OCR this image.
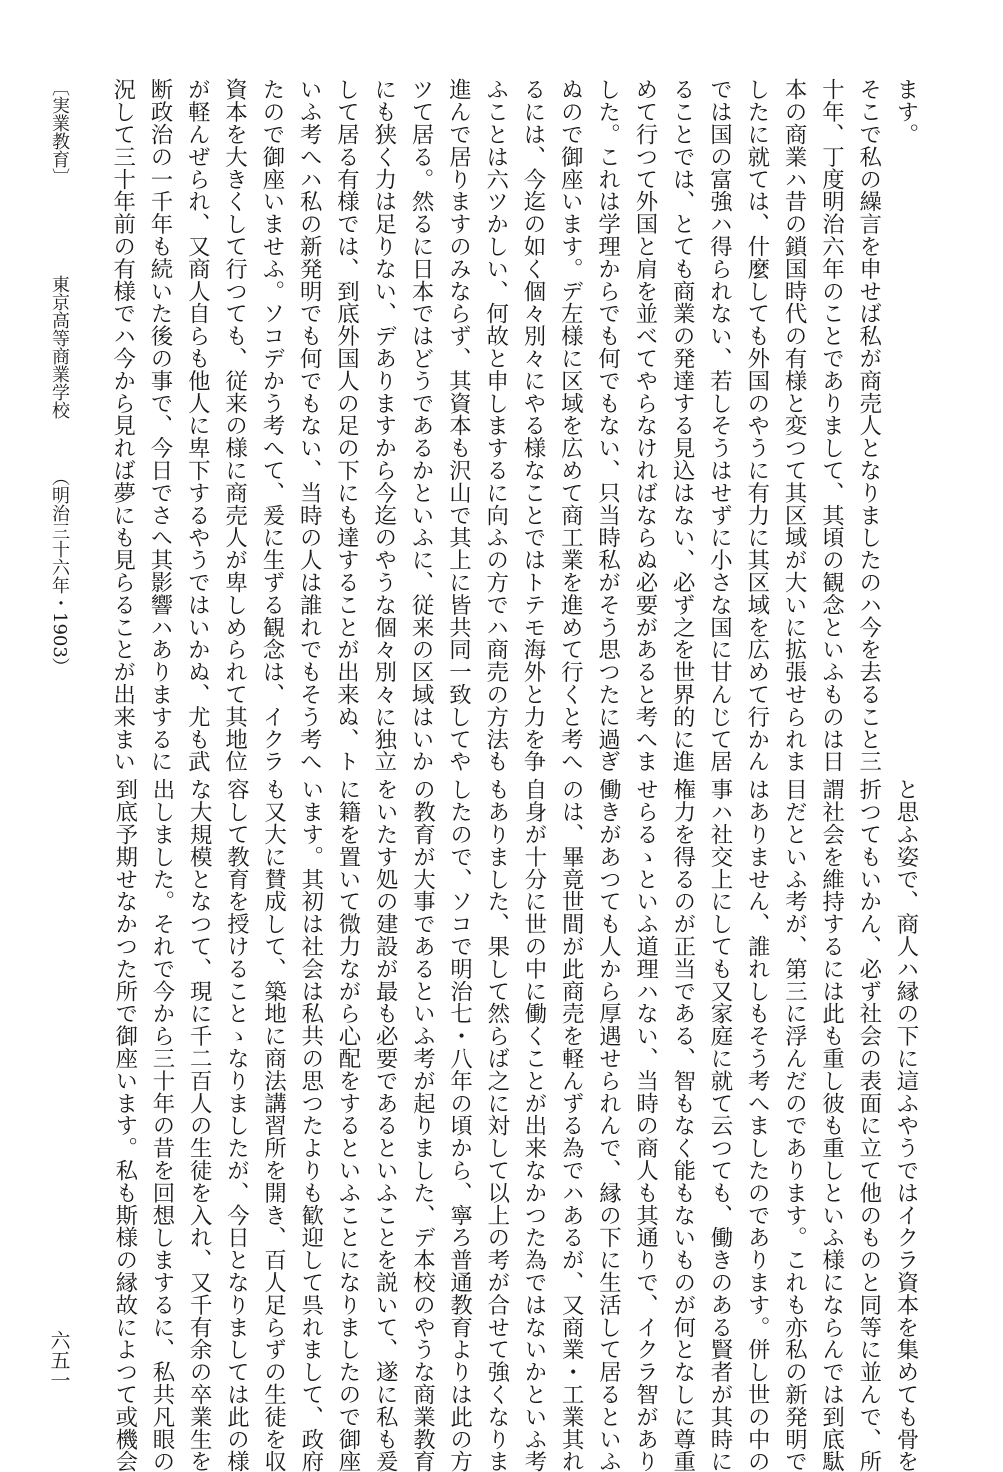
ます。
そこで私の繰言を申せば私が商売人となりましたのハ今を去ること三
十年、丁度明治六年のことでありまして、其頃の観念といふものは日
本の商業ハ昔の鎖国時代の有様と変つて其区域が大いに拡張せられま
したに就ては、什麼しても外国のやうに有力に其区域を広めて行かん
では国の富強ハ得られない、若しそうはせずに小さな国に甘んじて居
ることでは、とても商業の発達する見込はない、必ず之を世界的に進
めて行つて外国と肩を並べてやらなければならぬ必要があると考へま
した。これは学理からでも何でもない、只当時私がそう思つたに過ぎ
ぬので御座います。デ左様に区域を広めて商工業を進めて行くと考へ
るには、今迄の如く個々別々にやる様なことではトテモ海外と力を争
ふことは六ツかしい、何故と申しまするに向ふの方でハ商売の方法も
進んで居りますのみならず、其資本も沢山で其上に皆共同一致してや
ツて居る。然るに日本ではどうであるかといふに、従来の区域はいか
にも狭く力は足りない、デありますから今迄のやうな個々別々に独立
して居る有様では、到底外国人の足の下にも達することが出来ぬ、ト
いふ考へハ私の新発明でも何でもない、当時の人は誰れでもそう考へ
たので御座いませふ。ソコデかう考へて、爰に生ずる観念は、イクラ
資本を大きくして行つても、従来の様に商売人が卑しめられて其地位
が軽んぜられ、又商人自らも他人に卑下するやうではいかぬ、尤も武
断政治の一千年も続いた後の事で、今日でさへ其影響ハありまするに
況して三十年前の有様でハ今から見れば夢にも見らることが出来まい
と思ふ姿で、商人ハ縁の下に這ふやうではイクラ資本を集めても骨を
折つてもいかん、必ず社会の表面に立て他のものと同等に並んで、所
謂社会を維持するには此も重し彼も重しといふ様にならんでは到底駄
目だといふ考が、第三に浮んだのであります。これも亦私の新発明で
はありません、誰れしもそう考へましたのであります。併し世の中の
事ハ社交上にしても又家庭に就て云つても、働きのある賢者が其時に
権力を得るのが正当である、智もなく能もないものが何となしに尊重
せらるゝといふ道理ハない、当時の商人も其通りで、イクラ智があり
働きがあつても人から厚遇せられんで、縁の下に生活して居るといふ
のは、畢竟世間が此商売を軽んずる為でハあるが、又商業・工業其れ
自身が十分に世の中に働くことが出来なかつた為ではないかといふ考
もありました、果して然らば之に対して以上の考が合せて強くなりま
したので、ソコで明治七・八年の頃から、寧ろ普通教育よりは此の方
の教育が大事であるといふ考が起りました、デ本校のやうな商業教育
をいたす処の建設が最も必要であるといふことを説いて、遂に私も爰
に籍を置いて微力ながら心配をするといふことになりましたので御座
います。其初は社会は私共の思つたよりも歓迎して呉れまして、政府
も又大に賛成して、築地に商法講習所を開き、百人足らずの生徒を収
容して教育を授けることゝなりましたが、今日となりましては此の様
な大規模となつて、現に千二百人の生徒を入れ、又千有余の卒業生を
出しました。それで今から三十年の昔を回想しまするに、私共凡眼の
到底予期せなかつた所で御座います。私も斯様の縁故によつて或機会
〔実業教育〕
東京高等商業学校
（明治三十六年・1903）
六五一
